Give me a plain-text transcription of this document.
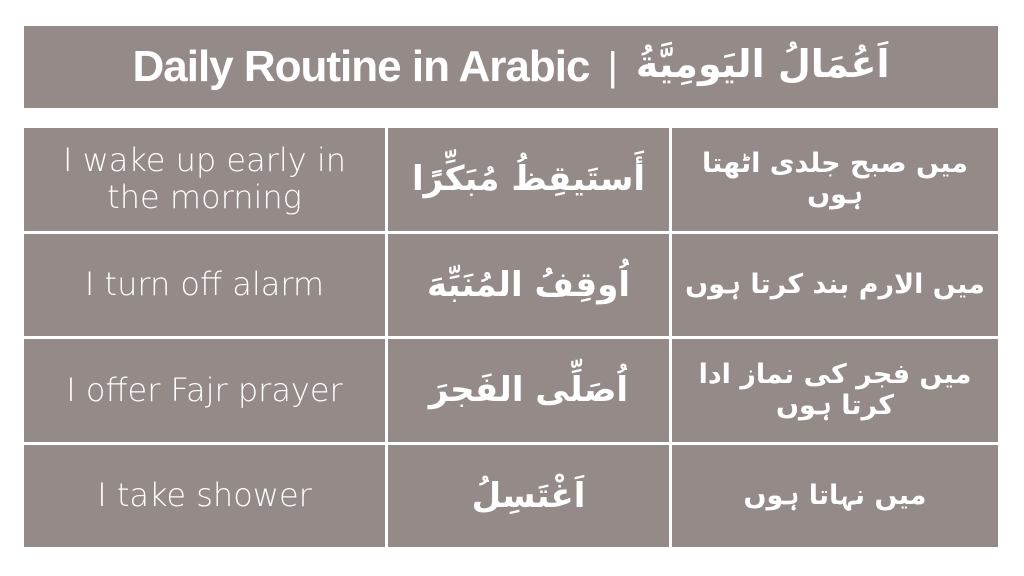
Daily Routine in Arabic | اَعُمَالُ اليَومِيَّةُ
I wake up early in the morning	أَستَيقِظُ مُبَكِّرًا	میں صبح جلدی اٹھتا ہوں
I turn off alarm	اُوقِفُ المُنَبِّهَ	میں الارم بند کرتا ہوں
I offer Fajr prayer	اُصَلِّى الفَجرَ	میں فجر کی نماز ادا کرتا ہوں
I take shower	اَغْتَسِلُ	میں نہاتا ہوں
